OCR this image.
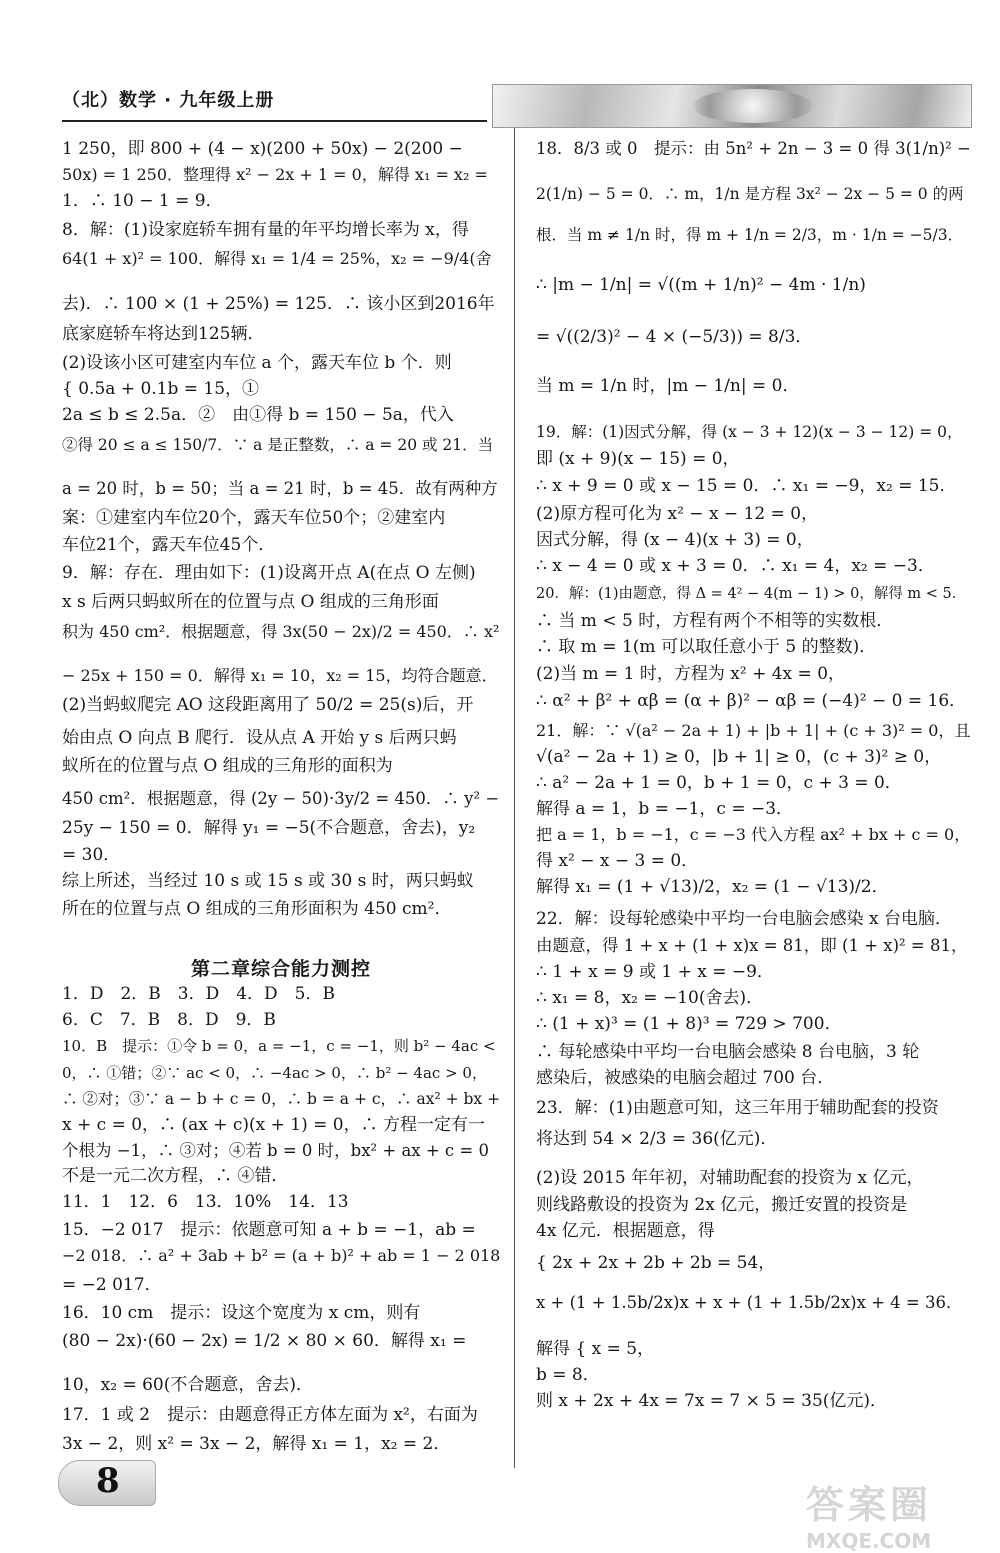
（北）数学 · 九年级上册
第二章综合能力测控
1 250，即 800 + (4 − x)(200 + 50x) − 2(200 −
50x) = 1 250．整理得 x² − 2x + 1 = 0，解得 x₁ = x₂ =
1．∴ 10 − 1 = 9．
8．解：(1)设家庭轿车拥有量的年平均增长率为 x，得
64(1 + x)² = 100．解得 x₁ = 1/4 = 25%，x₂ = −9/4(舍
去)．∴ 100 × (1 + 25%) = 125．∴ 该小区到2016年
底家庭轿车将达到125辆．
(2)设该小区可建室内车位 a 个，露天车位 b 个．则
{ 0.5a + 0.1b = 15，①
2a ≤ b ≤ 2.5a．②　由①得 b = 150 − 5a，代入
②得 20 ≤ a ≤ 150/7．∵ a 是正整数，∴ a = 20 或 21．当
a = 20 时，b = 50；当 a = 21 时，b = 45．故有两种方
案：①建室内车位20个，露天车位50个；②建室内
车位21个，露天车位45个．
9．解：存在．理由如下：(1)设离开点 A(在点 O 左侧)
x s 后两只蚂蚁所在的位置与点 O 组成的三角形面
积为 450 cm²．根据题意，得 3x(50 − 2x)/2 = 450．∴ x²
− 25x + 150 = 0．解得 x₁ = 10，x₂ = 15，均符合题意．
(2)当蚂蚁爬完 AO 这段距离用了 50/2 = 25(s)后，开
始由点 O 向点 B 爬行．设从点 A 开始 y s 后两只蚂
蚁所在的位置与点 O 组成的三角形的面积为
450 cm²．根据题意，得 (2y − 50)·3y/2 = 450．∴ y² −
25y − 150 = 0．解得 y₁ = −5(不合题意，舍去)，y₂
= 30．
综上所述，当经过 10 s 或 15 s 或 30 s 时，两只蚂蚁
所在的位置与点 O 组成的三角形面积为 450 cm²．
1．D　2．B　3．D　4．D　5．B
6．C　7．B　8．D　9．B
10．B　提示：①令 b = 0，a = −1，c = −1，则 b² − 4ac <
0，∴ ①错；②∵ ac < 0，∴ −4ac > 0，∴ b² − 4ac > 0，
∴ ②对；③∵ a − b + c = 0，∴ b = a + c，∴ ax² + bx +
x + c = 0，∴ (ax + c)(x + 1) = 0，∴ 方程一定有一
个根为 −1，∴ ③对；④若 b = 0 时，bx² + ax + c = 0
不是一元二次方程，∴ ④错．
11．1　12．6　13．10%　14．13
15．−2 017　提示：依题意可知 a + b = −1，ab =
−2 018．∴ a² + 3ab + b² = (a + b)² + ab = 1 − 2 018
= −2 017．
16．10 cm　提示：设这个宽度为 x cm，则有
(80 − 2x)·(60 − 2x) = 1/2 × 80 × 60．解得 x₁ =
10，x₂ = 60(不合题意，舍去)．
17．1 或 2　提示：由题意得正方体左面为 x²，右面为
3x − 2，则 x² = 3x − 2，解得 x₁ = 1，x₂ = 2．
18．8/3 或 0　提示：由 5n² + 2n − 3 = 0 得 3(1/n)² −
2(1/n) − 5 = 0．∴ m，1/n 是方程 3x² − 2x − 5 = 0 的两
根．当 m ≠ 1/n 时，得 m + 1/n = 2/3，m · 1/n = −5/3．
∴ |m − 1/n| = √((m + 1/n)² − 4m · 1/n)
= √((2/3)² − 4 × (−5/3)) = 8/3．
当 m = 1/n 时，|m − 1/n| = 0．
19．解：(1)因式分解，得 (x − 3 + 12)(x − 3 − 12) = 0，
即 (x + 9)(x − 15) = 0，
∴ x + 9 = 0 或 x − 15 = 0．∴ x₁ = −9，x₂ = 15．
(2)原方程可化为 x² − x − 12 = 0，
因式分解，得 (x − 4)(x + 3) = 0，
∴ x − 4 = 0 或 x + 3 = 0．∴ x₁ = 4，x₂ = −3．
20．解：(1)由题意，得 Δ = 4² − 4(m − 1) > 0，解得 m < 5．
∴ 当 m < 5 时，方程有两个不相等的实数根．
∴ 取 m = 1(m 可以取任意小于 5 的整数)．
(2)当 m = 1 时，方程为 x² + 4x = 0，
∴ α² + β² + αβ = (α + β)² − αβ = (−4)² − 0 = 16．
21．解：∵ √(a² − 2a + 1) + |b + 1| + (c + 3)² = 0，且
√(a² − 2a + 1) ≥ 0，|b + 1| ≥ 0，(c + 3)² ≥ 0，
∴ a² − 2a + 1 = 0，b + 1 = 0，c + 3 = 0．
解得 a = 1，b = −1，c = −3．
把 a = 1，b = −1，c = −3 代入方程 ax² + bx + c = 0，
得 x² − x − 3 = 0．
解得 x₁ = (1 + √13)/2，x₂ = (1 − √13)/2．
22．解：设每轮感染中平均一台电脑会感染 x 台电脑．
由题意，得 1 + x + (1 + x)x = 81，即 (1 + x)² = 81，
∴ 1 + x = 9 或 1 + x = −9．
∴ x₁ = 8，x₂ = −10(舍去)．
∴ (1 + x)³ = (1 + 8)³ = 729 > 700．
∴ 每轮感染中平均一台电脑会感染 8 台电脑，3 轮
感染后，被感染的电脑会超过 700 台．
23．解：(1)由题意可知，这三年用于辅助配套的投资
将达到 54 × 2/3 = 36(亿元)．
(2)设 2015 年年初，对辅助配套的投资为 x 亿元，
则线路敷设的投资为 2x 亿元，搬迁安置的投资是
4x 亿元．根据题意，得
{ 2x + 2x + 2b + 2b = 54，
x + (1 + 1.5b/2x)x + x + (1 + 1.5b/2x)x + 4 = 36．
解得 { x = 5，
b = 8．
则 x + 2x + 4x = 7x = 7 × 5 = 35(亿元)．
8
答案圈
MXQE.COM
